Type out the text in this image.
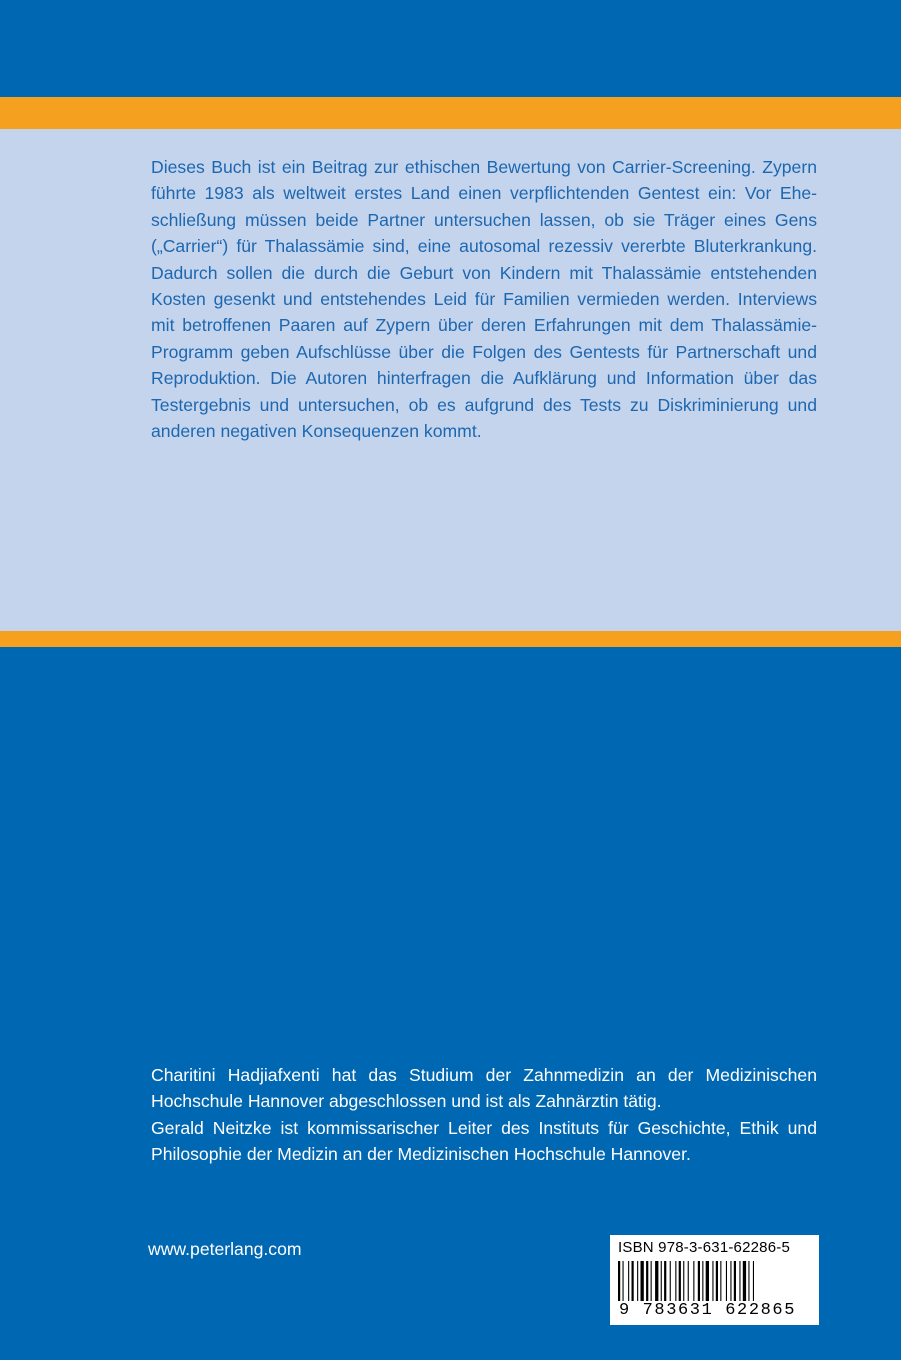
Dieses Buch ist ein Beitrag zur ethischen Bewertung von Carrier-Screening. Zypern führte 1983 als weltweit erstes Land einen verpflichtenden Gentest ein: Vor Eheschließung müssen beide Partner untersuchen lassen, ob sie Träger eines Gens („Carrier“) für Thalassämie sind, eine autosomal rezessiv vererbte Bluterkrankung. Dadurch sollen die durch die Geburt von Kindern mit Thalassämie entstehenden Kosten gesenkt und entstehendes Leid für Familien vermieden werden. Interviews mit betroffenen Paaren auf Zypern über deren Erfahrungen mit dem Thalassämie-Programm geben Aufschlüsse über die Folgen des Gentests für Partnerschaft und Reproduktion. Die Autoren hinterfragen die Aufklärung und Information über das Testergebnis und untersuchen, ob es aufgrund des Tests zu Diskriminierung und anderen negativen Konsequenzen kommt.

Charitini Hadjiafxenti hat das Studium der Zahnmedizin an der Medizinischen Hochschule Hannover abgeschlossen und ist als Zahnärztin tätig.

Gerald Neitzke ist kommissarischer Leiter des Instituts für Geschichte, Ethik und Philosophie der Medizin an der Medizinischen Hochschule Hannover.

www.peterlang.com	ISBN 978-3-631-62286-5
9 783631 622865
